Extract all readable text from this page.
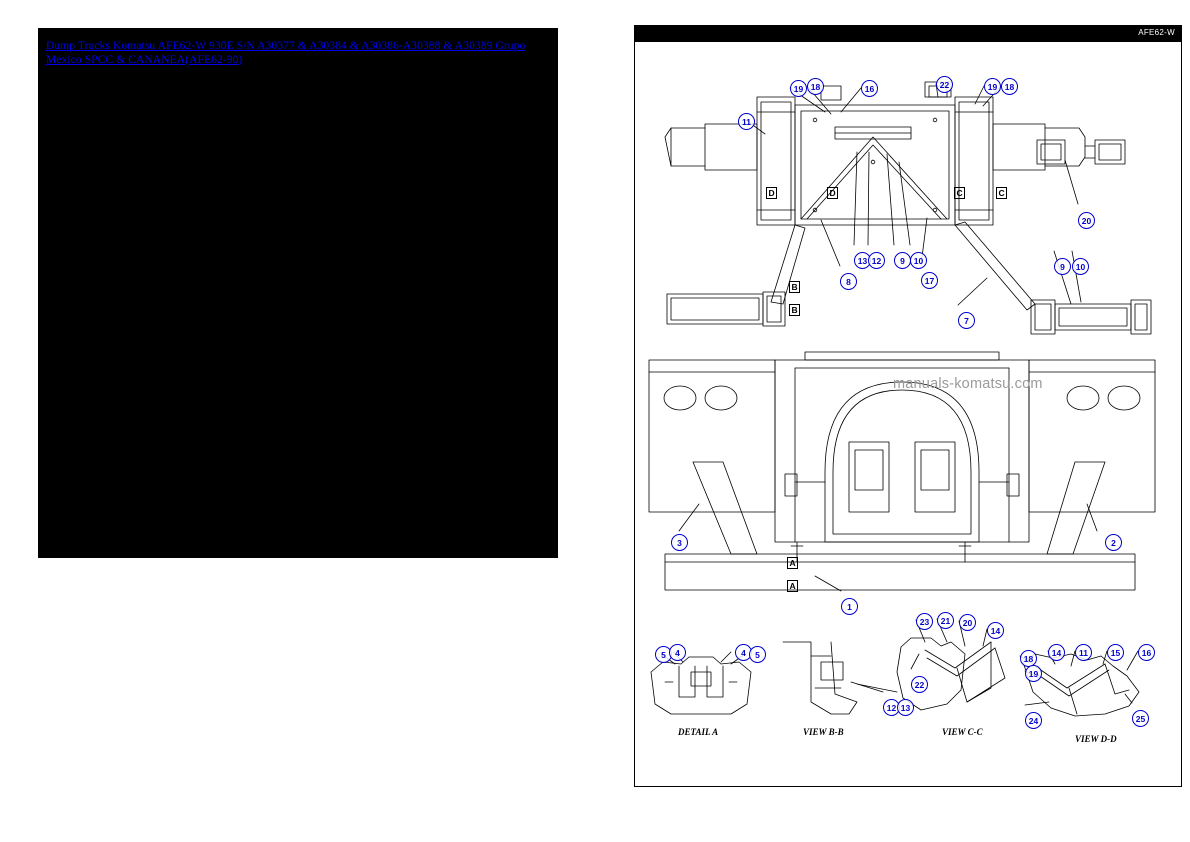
Dump Trucks Komatsu AFE62-W 930E S/N A30377 & A30384 & A30386-A30388 & A30389 Grupo Mexico SPCC & CANANEA(AFE62-90)
AFE62-W
manuals-komatsu.com
DETAIL A	VIEW B-B	VIEW C-C
VIEW D-D
D	D	C	C
B
B
A
A
19 18	16	22	19 18
11
20
8
13 12	9	10
17
9	10
7
3	2
1
5	4	4	5
12 13
23	21	20
14
22
18
19
14	11	15	16
24	25
